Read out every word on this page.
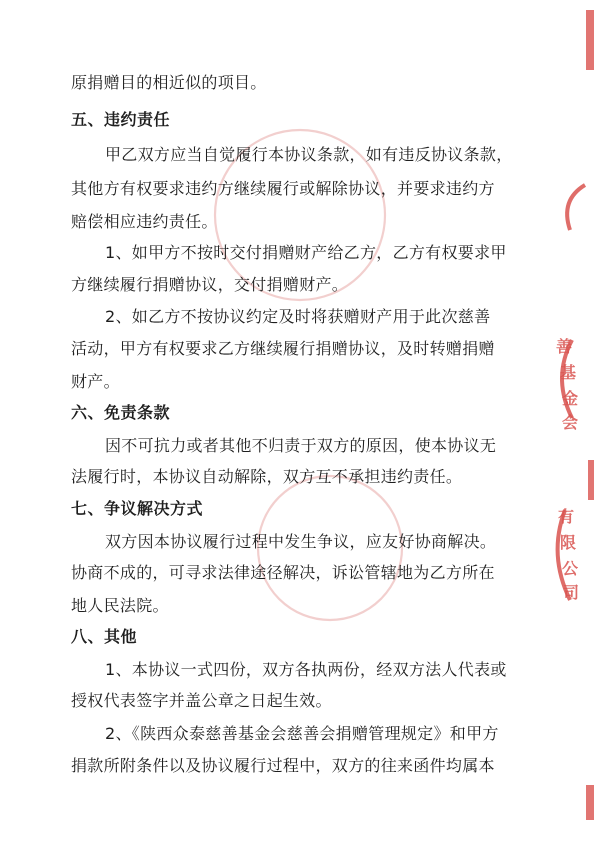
善
基
金
会
有
限
公
司
原捐赠目的相近似的项目。
五、违约责任
甲乙双方应当自觉履行本协议条款，如有违反协议条款，
其他方有权要求违约方继续履行或解除协议，并要求违约方
赔偿相应违约责任。
1、如甲方不按时交付捐赠财产给乙方，乙方有权要求甲
方继续履行捐赠协议，交付捐赠财产。
2、如乙方不按协议约定及时将获赠财产用于此次慈善
活动，甲方有权要求乙方继续履行捐赠协议，及时转赠捐赠
财产。
六、免责条款
因不可抗力或者其他不归责于双方的原因，使本协议无
法履行时，本协议自动解除，双方互不承担违约责任。
七、争议解决方式
双方因本协议履行过程中发生争议，应友好协商解决。
协商不成的，可寻求法律途径解决，诉讼管辖地为乙方所在
地人民法院。
八、其他
1、本协议一式四份，双方各执两份，经双方法人代表或
授权代表签字并盖公章之日起生效。
2、《陕西众泰慈善基金会慈善会捐赠管理规定》和甲方
捐款所附条件以及协议履行过程中，双方的往来函件均属本
